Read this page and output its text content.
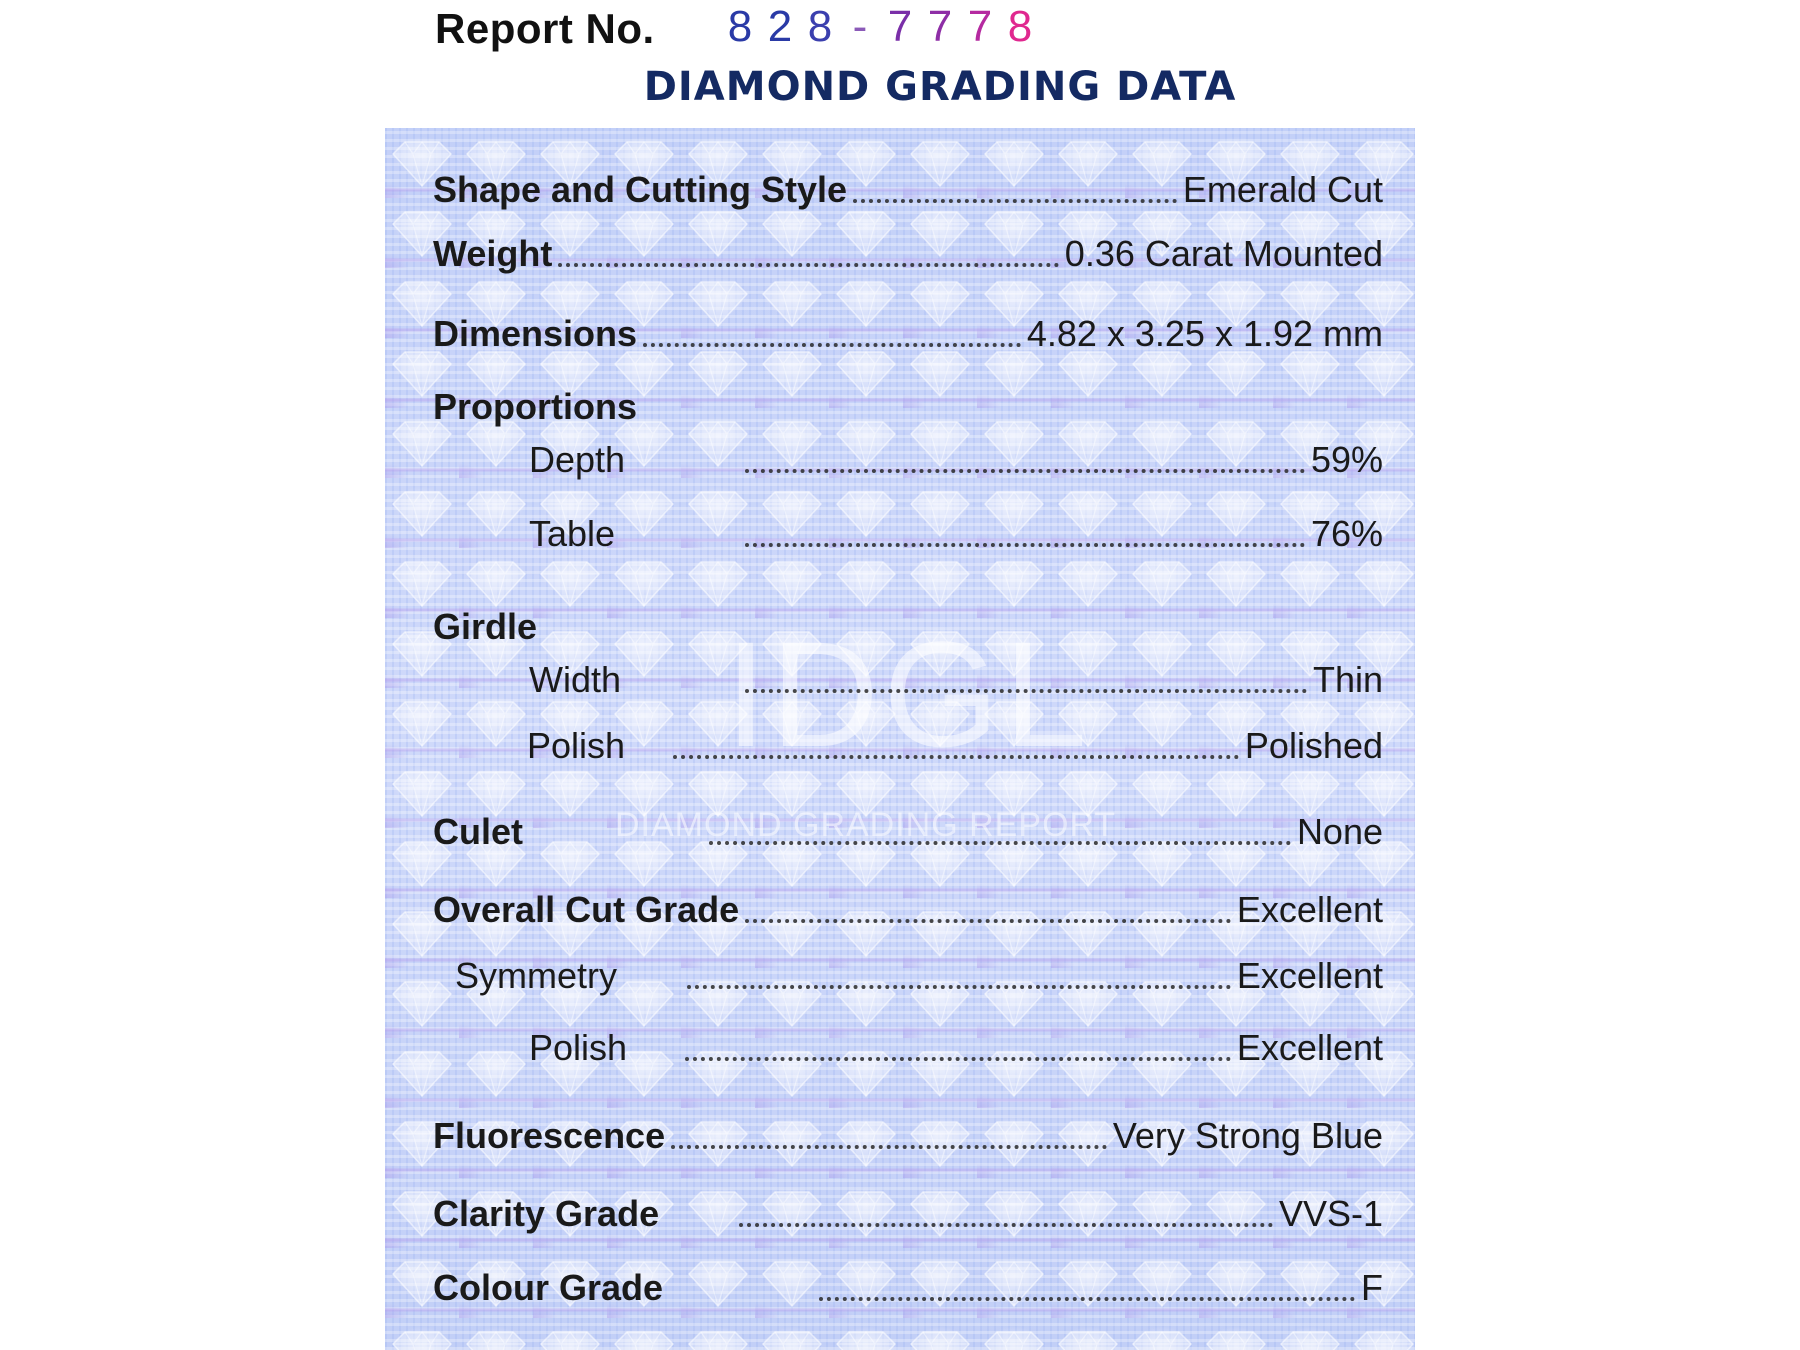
Report No. 8 2 8 - 7 7 7 8
DIAMOND GRADING DATA
IDGL
DIAMOND GRADING REPORT
Shape and Cutting Style	Emerald Cut
Weight	0.36 Carat Mounted
Dimensions	4.82 x 3.25 x 1.92 mm
Proportions
Depth	59%
Table	76%
Girdle
Width	Thin
Polish	Polished
Culet	None
Overall Cut Grade	Excellent
Symmetry	Excellent
Polish	Excellent
Fluorescence	Very Strong Blue
Clarity Grade	VVS-1
Colour Grade	F
